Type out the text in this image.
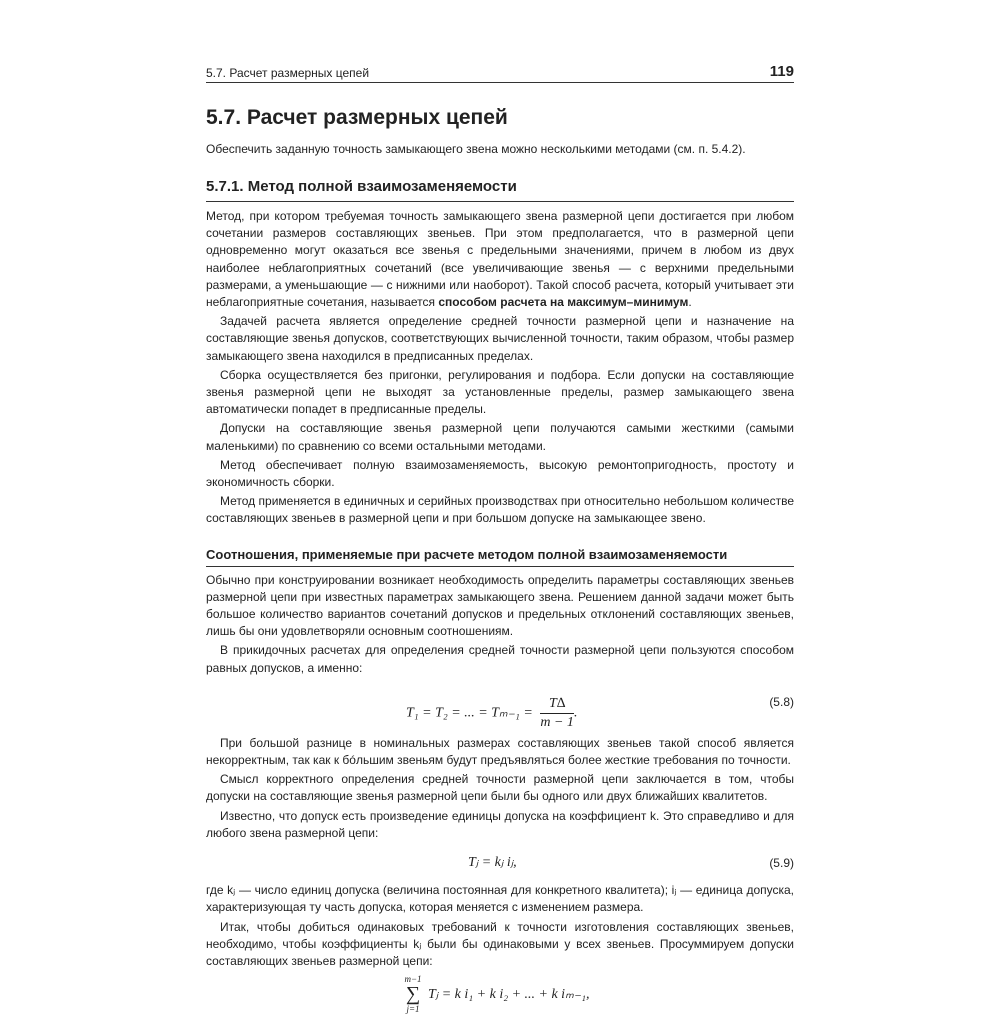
5.7. Расчет размерных цепей	119
5.7. Расчет размерных цепей
Обеспечить заданную точность замыкающего звена можно несколькими методами (см. п. 5.4.2).
5.7.1. Метод полной взаимозаменяемости

Метод, при котором требуемая точность замыкающего звена размерной цепи достигается при любом сочетании размеров составляющих звеньев. При этом предполагается, что в размерной цепи одновременно могут оказаться все звенья с предельными значениями, причем в любом из двух наиболее неблагоприятных сочетаний (все увеличивающие звенья — с верхними предельными размерами, а уменьшающие — с нижними или наоборот). Такой способ расчета, который учитывает эти неблагоприятные сочетания, называется способом расчета на максимум–минимум.

Задачей расчета является определение средней точности размерной цепи и назначение на составляющие звенья допусков, соответствующих вычисленной точности, таким образом, чтобы размер замыкающего звена находился в предписанных пределах.

Сборка осуществляется без пригонки, регулирования и подбора. Если допуски на составляющие звенья размерной цепи не выходят за установленные пределы, размер замыкающего звена автоматически попадет в предписанные пределы.

Допуски на составляющие звенья размерной цепи получаются самыми жесткими (самыми маленькими) по сравнению со всеми остальными методами.

Метод обеспечивает полную взаимозаменяемость, высокую ремонтопригодность, простоту и экономичность сборки.

Метод применяется в единичных и серийных производствах при относительно небольшом количестве составляющих звеньев в размерной цепи и при большом допуске на замыкающее звено.

Соотношения, применяемые при расчете методом полной взаимозаменяемости

Обычно при конструировании возникает необходимость определить параметры составляющих звеньев размерной цепи при известных параметрах замыкающего звена. Решением данной задачи может быть большое количество вариантов сочетаний допусков и предельных отклонений составляющих звеньев, лишь бы они удовлетворяли основным соотношениям.

В прикидочных расчетах для определения средней точности размерной цепи пользуются способом равных допусков, а именно:

T₁ = T₂ = ... = $T_{m-1} = \frac{T\Delta}{m - 1}$ .
(5.8)

При большой разнице в номинальных размерах составляющих звеньев такой способ является некорректным, так как к бóльшим звеньям будут предъявляться более жесткие требования по точности.

Смысл корректного определения средней точности размерной цепи заключается в том, чтобы допуски на составляющие звенья размерной цепи были бы одного или двух ближайших квалитетов.

Известно, что допуск есть произведение единицы допуска на коэффициент k. Это справедливо и для любого звена размерной цепи:

Tⱼ = kⱼ iⱼ,	(5.9)

где kⱼ — число единиц допуска (величина постоянная для конкретного квалитета); iⱼ — единица допуска, характеризующая ту часть допуска, которая меняется с изменением размера.

Итак, чтобы добиться одинаковых требований к точности изготовления составляющих звеньев, необходимо, чтобы коэффициенты kⱼ были бы одинаковыми у всех звеньев. Просуммируем допуски составляющих звеньев размерной цепи:

m−1
∑
j=1
Tⱼ = k i₁ + k i₂ + ... + k iₘ₋₁,
